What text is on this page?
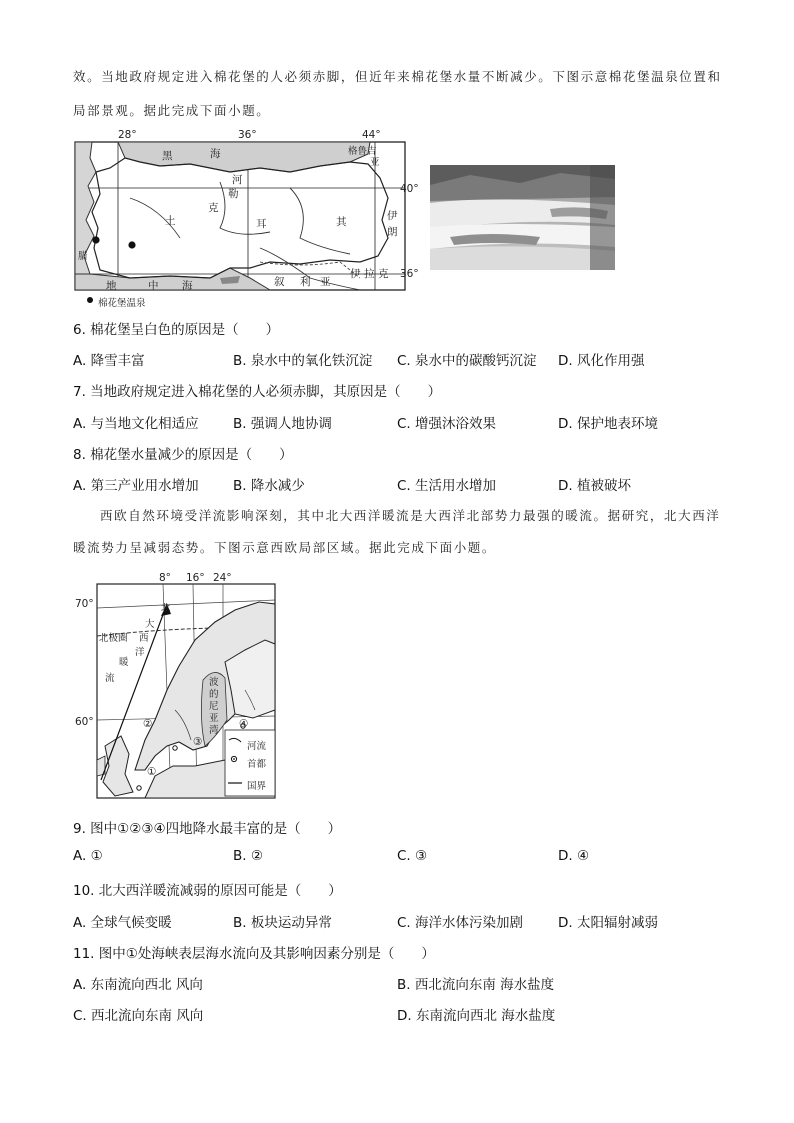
效。当地政府规定进入棉花堡的人必须赤脚，但近年来棉花堡水量不断减少。下图示意棉花堡温泉位置和
局部景观。据此完成下面小题。
28°	36°	44°
40°
36°
黑	海	格鲁吉
亚
河
勒
克
土	耳	其	伊
朗
叙 利 亚
伊 拉 克
地	中 海
腊
棉花堡温泉
6. 棉花堡呈白色的原因是（　　）
A. 降雪丰富	B. 泉水中的氧化铁沉淀 C. 泉水中的碳酸钙沉淀 D. 风化作用强
7. 当地政府规定进入棉花堡的人必须赤脚，其原因是（　　）
A. 与当地文化相适应	B. 强调人地协调	C. 增强沐浴效果	D. 保护地表环境
8. 棉花堡水量减少的原因是（　　）
A. 第三产业用水增加	B. 降水减少	C. 生活用水增加	D. 植被破坏
西欧自然环境受洋流影响深刻，其中北大西洋暖流是大西洋北部势力最强的暖流。据研究，北大西洋
暖流势力呈减弱态势。下图示意西欧局部区域。据此完成下面小题。
8° 16° 24°
70°
60°
北极圈
北
大
西
洋
暖
流	波
的
尼
亚
湾
①
②
③
④
河流
首都
国界
9. 图中①②③④四地降水最丰富的是（　　）
A. ①	B. ②	C. ③	D. ④
10. 北大西洋暖流减弱的原因可能是（　　）
A. 全球气候变暖	B. 板块运动异常	C. 海洋水体污染加剧	D. 太阳辐射减弱
11. 图中①处海峡表层海水流向及其影响因素分别是（　　）
A. 东南流向西北 风向	B. 西北流向东南 海水盐度
C. 西北流向东南 风向	D. 东南流向西北 海水盐度
